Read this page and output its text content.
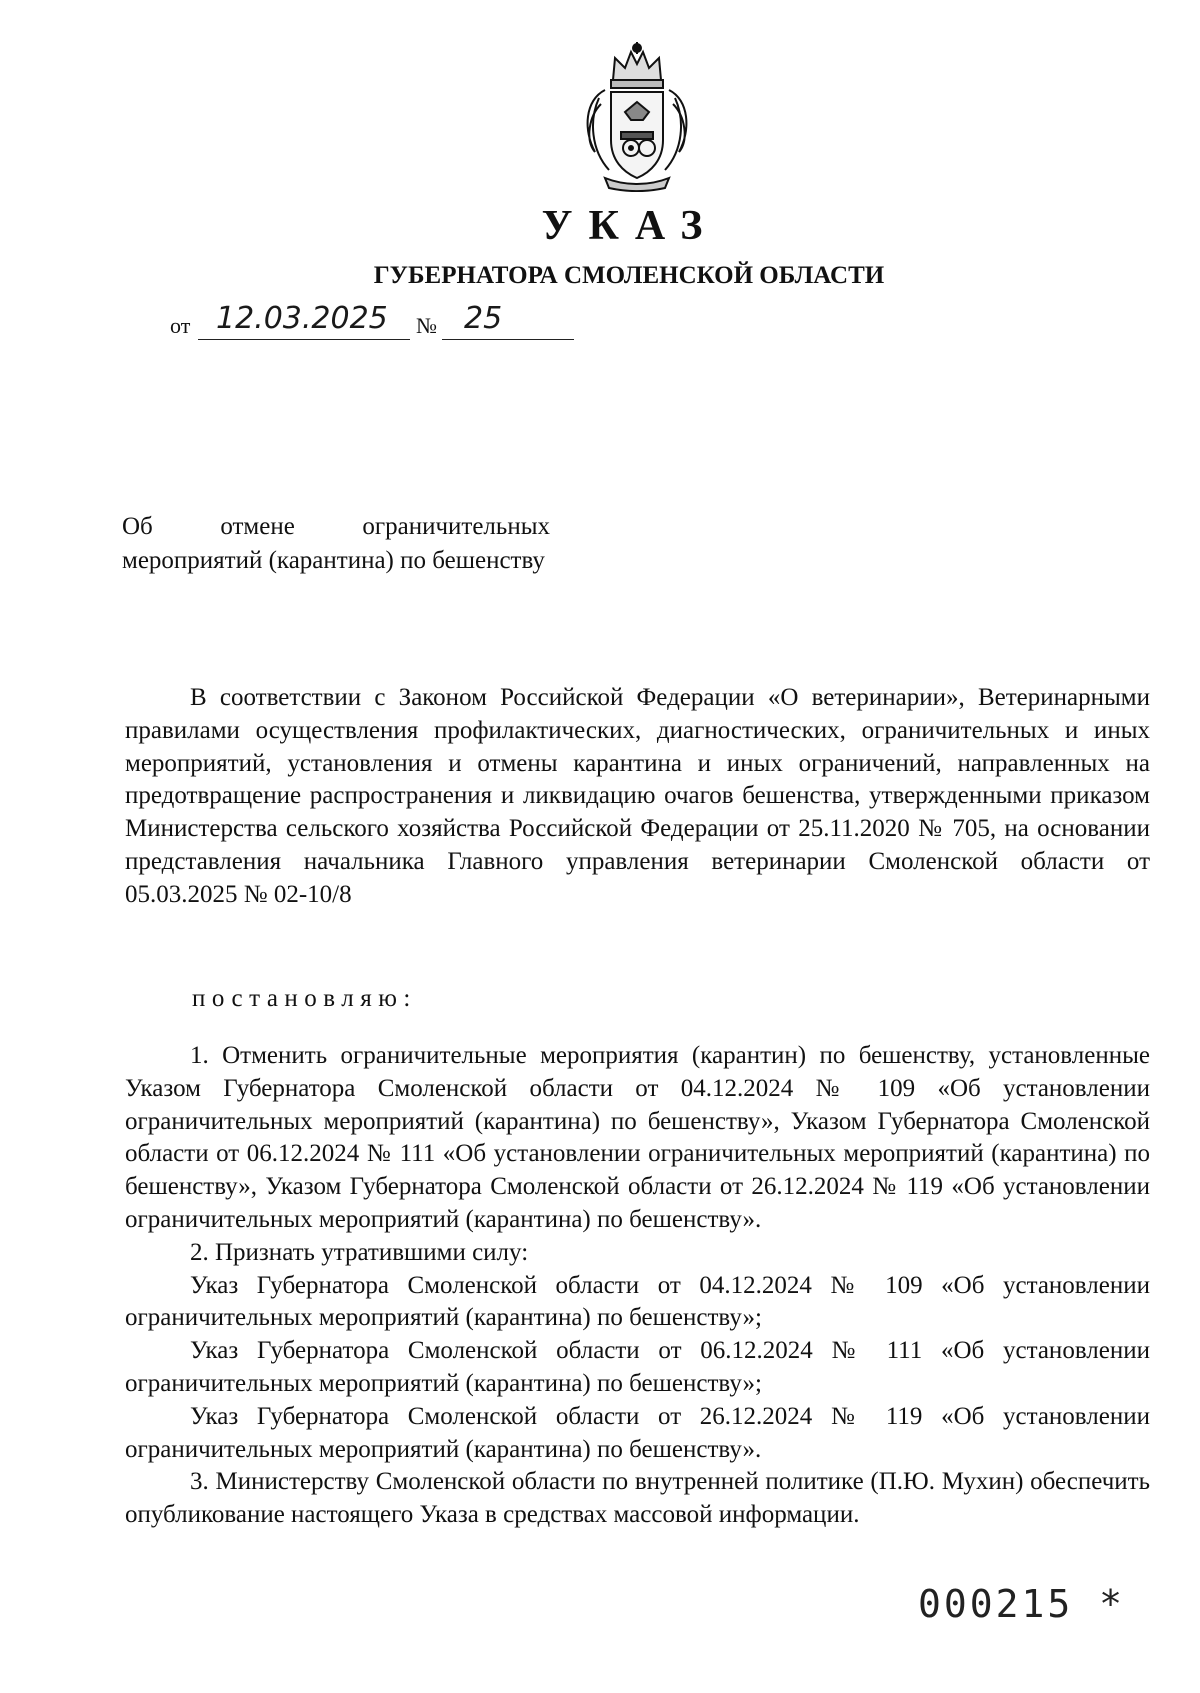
УКАЗ
ГУБЕРНАТОРА СМОЛЕНСКОЙ ОБЛАСТИ
от 12.03.2025 № 25
Об отмене ограничительных мероприятий (карантина) по бешенству
В соответствии с Законом Российской Федерации «О ветеринарии», Ветеринарными правилами осуществления профилактических, диагностических, ограничительных и иных мероприятий, установления и отмены карантина и иных ограничений, направленных на предотвращение распространения и ликвидацию очагов бешенства, утвержденными приказом Министерства сельского хозяйства Российской Федерации от 25.11.2020 № 705, на основании представления начальника Главного управления ветеринарии Смоленской области от 05.03.2025 № 02-10/8
постановляю:

1. Отменить ограничительные мероприятия (карантин) по бешенству, установленные Указом Губернатора Смоленской области от 04.12.2024 № 109 «Об установлении ограничительных мероприятий (карантина) по бешенству», Указом Губернатора Смоленской области от 06.12.2024 № 111 «Об установлении ограничительных мероприятий (карантина) по бешенству», Указом Губернатора Смоленской области от 26.12.2024 № 119 «Об установлении ограничительных мероприятий (карантина) по бешенству».

2. Признать утратившими силу:

Указ Губернатора Смоленской области от 04.12.2024 № 109 «Об установлении ограничительных мероприятий (карантина) по бешенству»;

Указ Губернатора Смоленской области от 06.12.2024 № 111 «Об установлении ограничительных мероприятий (карантина) по бешенству»;

Указ Губернатора Смоленской области от 26.12.2024 № 119 «Об установлении ограничительных мероприятий (карантина) по бешенству».

3. Министерству Смоленской области по внутренней политике (П.Ю. Мухин) обеспечить опубликование настоящего Указа в средствах массовой информации.

000215 *
